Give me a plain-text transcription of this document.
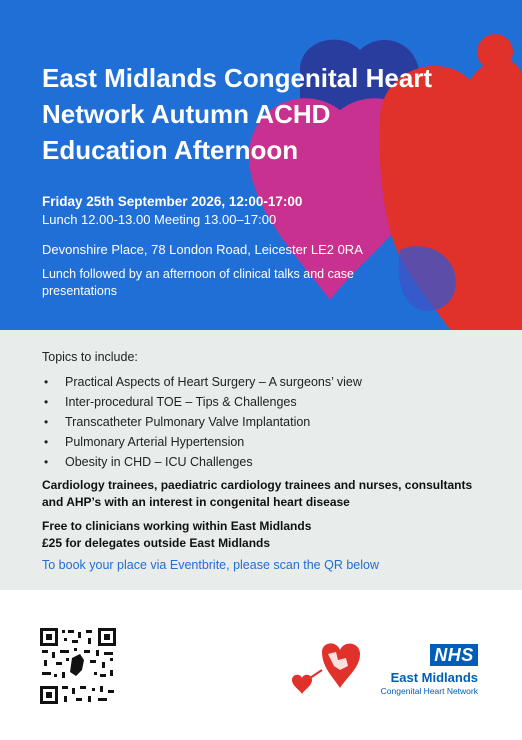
East Midlands Congenital Heart Network Autumn ACHD Education Afternoon
Friday 25th September 2026, 12:00-17:00
Lunch 12.00-13.00 Meeting 13.00–17:00
Devonshire Place, 78 London Road, Leicester LE2 0RA
Lunch followed by an afternoon of clinical talks and case presentations
Topics to include:
• Practical Aspects of Heart Surgery – A surgeons’ view
• Inter-procedural TOE – Tips & Challenges
• Transcatheter Pulmonary Valve Implantation
• Pulmonary Arterial Hypertension
• Obesity in CHD – ICU Challenges
Cardiology trainees, paediatric cardiology trainees and nurses, consultants and AHP’s with an interest in congenital heart disease
Free to clinicians working within East Midlands
£25 for delegates outside East Midlands
To book your place via Eventbrite, please scan the QR below
NHS
East Midlands
Congenital Heart Network
